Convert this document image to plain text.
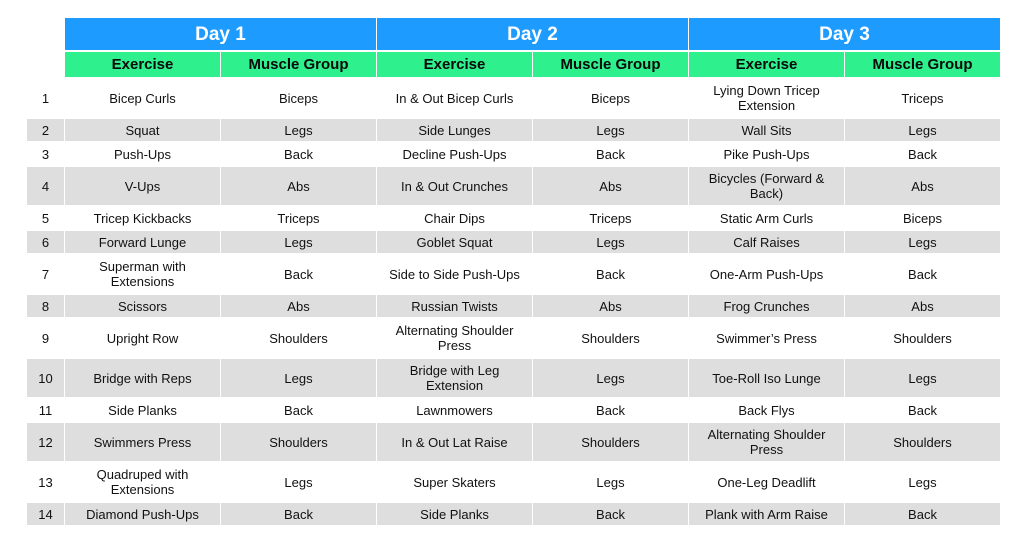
Day 1	Day 2	Day 3
Exercise	Muscle Group	Exercise	Muscle Group	Exercise	Muscle Group
1	Bicep Curls	Biceps	In & Out Bicep Curls	Biceps	Lying Down Tricep Extension	Triceps
2	Squat	Legs	Side Lunges	Legs	Wall Sits	Legs
3	Push-Ups	Back	Decline Push-Ups	Back	Pike Push-Ups	Back
4	V-Ups	Abs	In & Out Crunches	Abs	Bicycles (Forward & Back)	Abs
5	Tricep Kickbacks	Triceps	Chair Dips	Triceps	Static Arm Curls	Biceps
6	Forward Lunge	Legs	Goblet Squat	Legs	Calf Raises	Legs
7	Superman with Extensions	Back	Side to Side Push-Ups	Back	One-Arm Push-Ups	Back
8	Scissors	Abs	Russian Twists	Abs	Frog Crunches	Abs
9	Upright Row	Shoulders	Alternating Shoulder Press	Shoulders	Swimmer’s Press	Shoulders
10	Bridge with Reps	Legs	Bridge with Leg Extension	Legs	Toe-Roll Iso Lunge	Legs
11	Side Planks	Back	Lawnmowers	Back	Back Flys	Back
12	Swimmers Press	Shoulders	In & Out Lat Raise	Shoulders	Alternating Shoulder Press	Shoulders
13	Quadruped with Extensions	Legs	Super Skaters	Legs	One-Leg Deadlift	Legs
14	Diamond Push-Ups	Back	Side Planks	Back	Plank with Arm Raise	Back
